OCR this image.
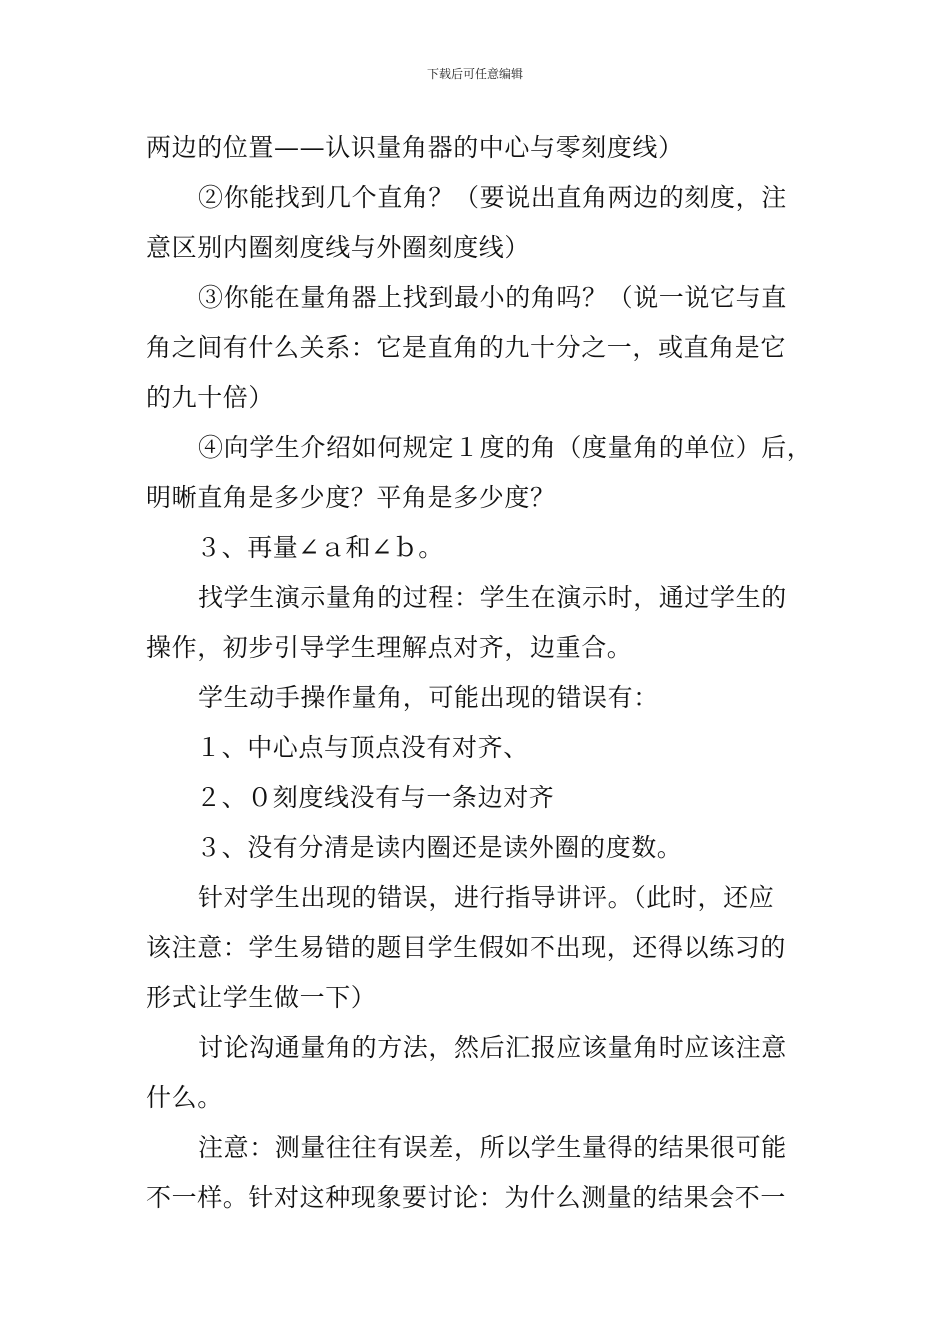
下载后可任意编辑
两边的位置——认识量角器的中心与零刻度线）
②你能找到几个直角？（要说出直角两边的刻度，注
意区别内圈刻度线与外圈刻度线）
③你能在量角器上找到最小的角吗？（说一说它与直
角之间有什么关系：它是直角的九十分之一，或直角是它
的九十倍）
④向学生介绍如何规定１度的角（度量角的单位）后，
明晰直角是多少度？平角是多少度？
３、再量∠ａ和∠ｂ。
找学生演示量角的过程：学生在演示时，通过学生的
操作，初步引导学生理解点对齐，边重合。
学生动手操作量角，可能出现的错误有：
１、中心点与顶点没有对齐、
２、０刻度线没有与一条边对齐
３、没有分清是读内圈还是读外圈的度数。
针对学生出现的错误，进行指导讲评。（此时，还应
该注意：学生易错的题目学生假如不出现，还得以练习的
形式让学生做一下）
讨论沟通量角的方法，然后汇报应该量角时应该注意
什么。
注意：测量往往有误差，所以学生量得的结果很可能
不一样。针对这种现象要讨论：为什么测量的结果会不一
